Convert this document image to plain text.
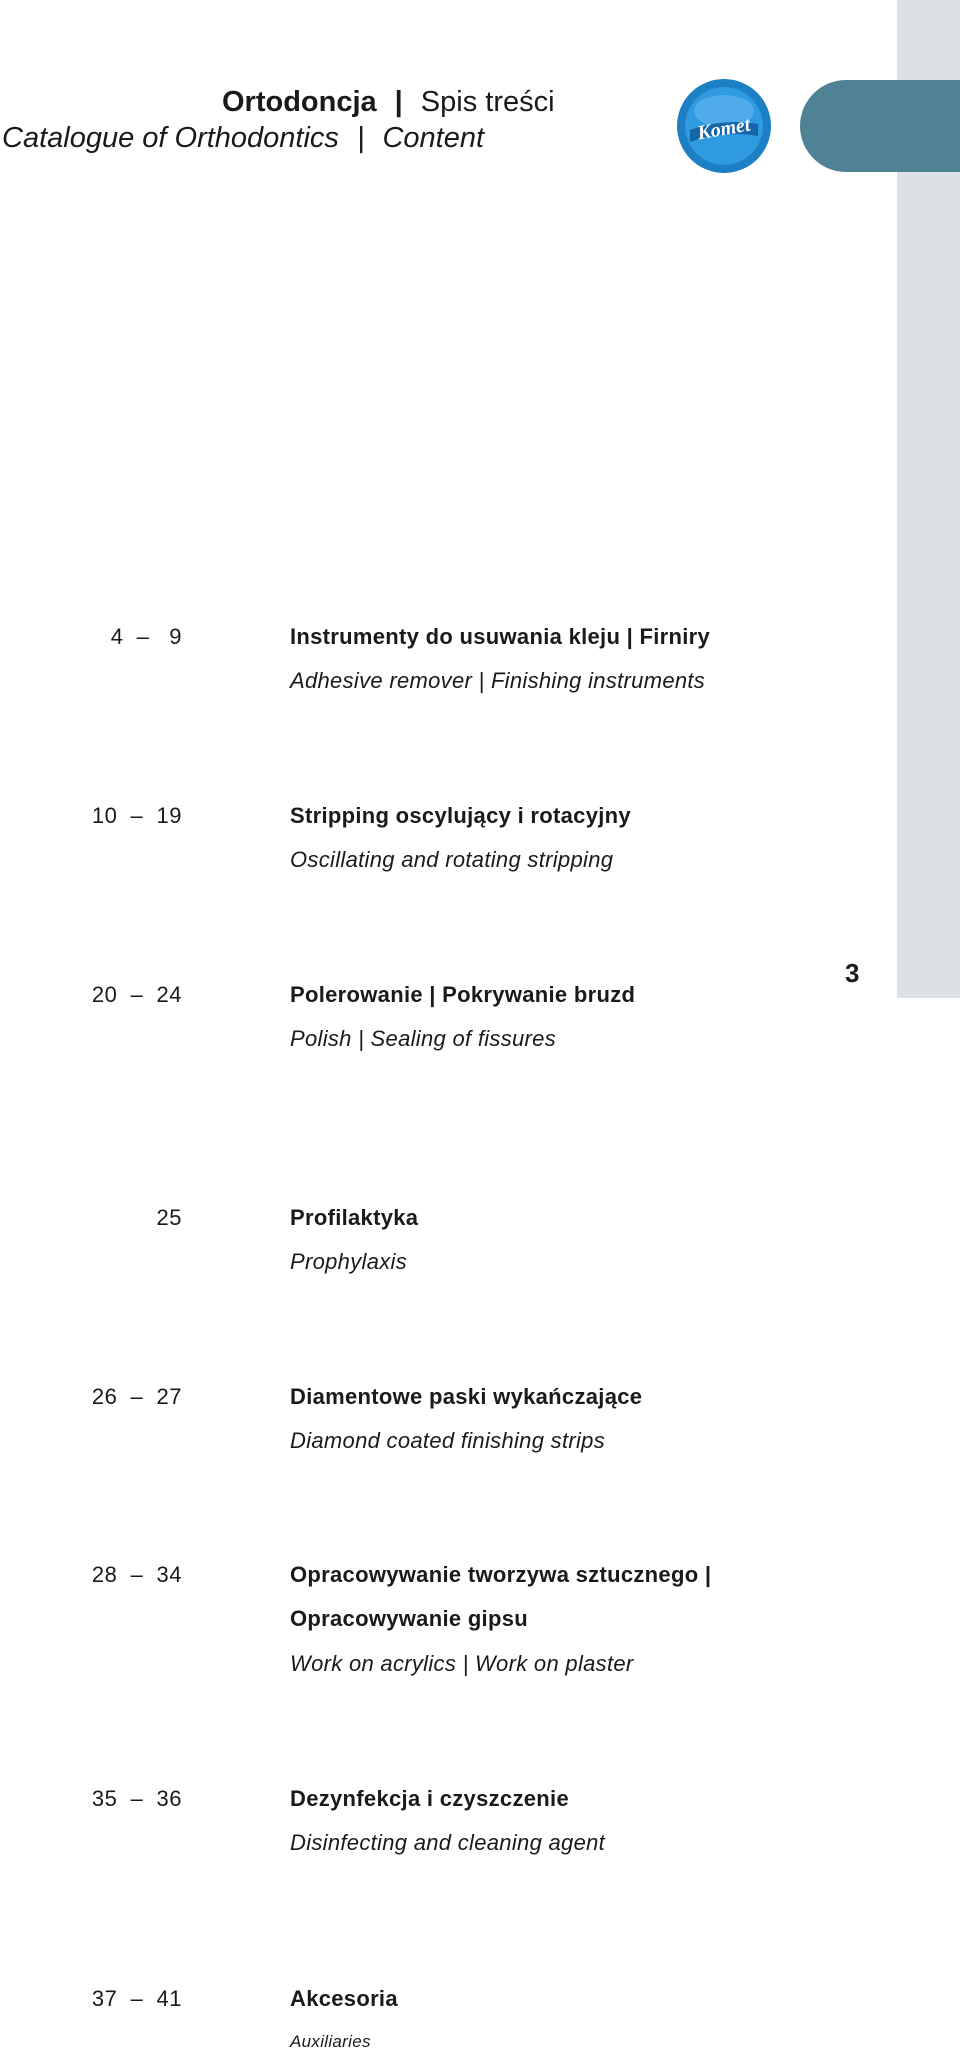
Komet
Ortodoncja | Spis treści
Catalogue of Orthodontics | Content
3
4  –   9	Instrumenty do usuwania kleju | Firniry
Adhesive remover | Finishing instruments
10  –  19	Stripping oscylujący i rotacyjny
Oscillating and rotating stripping
20  –  24	Polerowanie | Pokrywanie bruzd
Polish | Sealing of fissures
25	Profilaktyka
Prophylaxis
26  –  27	Diamentowe paski wykańczające
Diamond coated finishing strips
28  –  34	Opracowywanie tworzywa sztucznego |
Opracowywanie gipsu
Work on acrylics | Work on plaster
35  –  36	Dezynfekcja i czyszczenie
Disinfecting and cleaning agent
37  –  41	Akcesoria
Auxiliaries
